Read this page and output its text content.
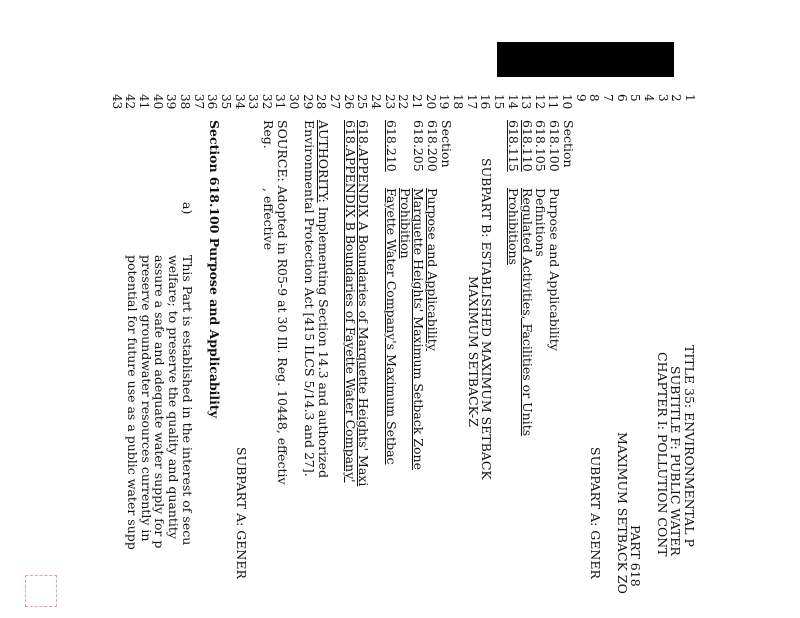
1
2
3
4
5
6
7
8
9
10
11
12
13
14
15
16
17
18
19
20
21
22
23
24
25
26
27
28
29
30
31
32
33
34
35
36
37
38
39
40
41
42
43
TITLE 35: ENVIRONMENTAL P
SUBTITLE F: PUBLIC WATER
CHAPTER I: POLLUTION CONT
PART 618
MAXIMUM SETBACK ZO
SUBPART A: GENER
Section
618.100
Purpose and Applicability
618.105
Definitions
618.110
Regulated Activities, Facilities or Units
618.115
Prohibitions
SUBPART B: ESTABLISHED MAXIMUM SETBACK
MAXIMUM SETBACK-Z
Section
618.200
Purpose and Applicability
618.205
Marquette Heights' Maximum Setback Zone
Prohibition
618.210
Fayette Water Company's Maximum Setbac
618.APPENDIX A Boundaries of Marquette Heights' Maxi
618.APPENDIX B Boundaries of Fayette Water Company'
AUTHORITY: Implementing Section 14.3 and authorized
Environmental Protection Act [415 ILCS 5/14.3 and 27].
SOURCE: Adopted in R05-9 at 30 Ill. Reg. 10448, effectiv
Reg.
, effective
SUBPART A: GENER
Section 618.100 Purpose and Applicability
a)
This Part is established in the interest of secu
welfare; to preserve the quality and quantity
assure a safe and adequate water supply for p
preserve groundwater resources currently in
potential for future use as a public water supp
